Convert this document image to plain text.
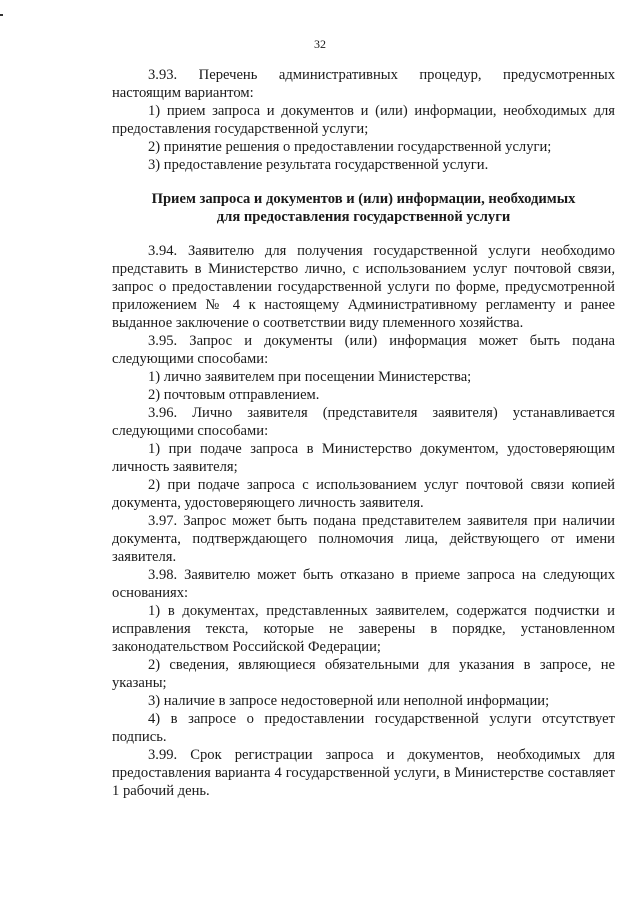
32

3.93. Перечень административных процедур, предусмотренных настоящим вариантом:

1) прием запроса и документов и (или) информации, необходимых для предоставления государственной услуги;

2) принятие решения о предоставлении государственной услуги;

3) предоставление результата государственной услуги.

Прием запроса и документов и (или) информации, необходимых
для предоставления государственной услуги

3.94. Заявителю для получения государственной услуги необходимо представить в Министерство лично, с использованием услуг почтовой связи, запрос о предоставлении государственной услуги по форме, предусмотренной приложением № 4 к настоящему Административному регламенту и ранее выданное заключение о соответствии виду племенного хозяйства.

3.95. Запрос и документы (или) информация может быть подана следующими способами:

1) лично заявителем при посещении Министерства;

2) почтовым отправлением.

3.96. Лично заявителя (представителя заявителя) устанавливается следующими способами:

1) при подаче запроса в Министерство документом, удостоверяющим личность заявителя;

2) при подаче запроса с использованием услуг почтовой связи копией документа, удостоверяющего личность заявителя.

3.97. Запрос может быть подана представителем заявителя при наличии документа, подтверждающего полномочия лица, действующего от имени заявителя.

3.98. Заявителю может быть отказано в приеме запроса на следующих основаниях:

1) в документах, представленных заявителем, содержатся подчистки и исправления текста, которые не заверены в порядке, установленном законодательством Российской Федерации;

2) сведения, являющиеся обязательными для указания в запросе, не указаны;

3) наличие в запросе недостоверной или неполной информации;

4) в запросе о предоставлении государственной услуги отсутствует подпись.

3.99. Срок регистрации запроса и документов, необходимых для предоставления варианта 4 государственной услуги, в Министерстве составляет 1 рабочий день.
